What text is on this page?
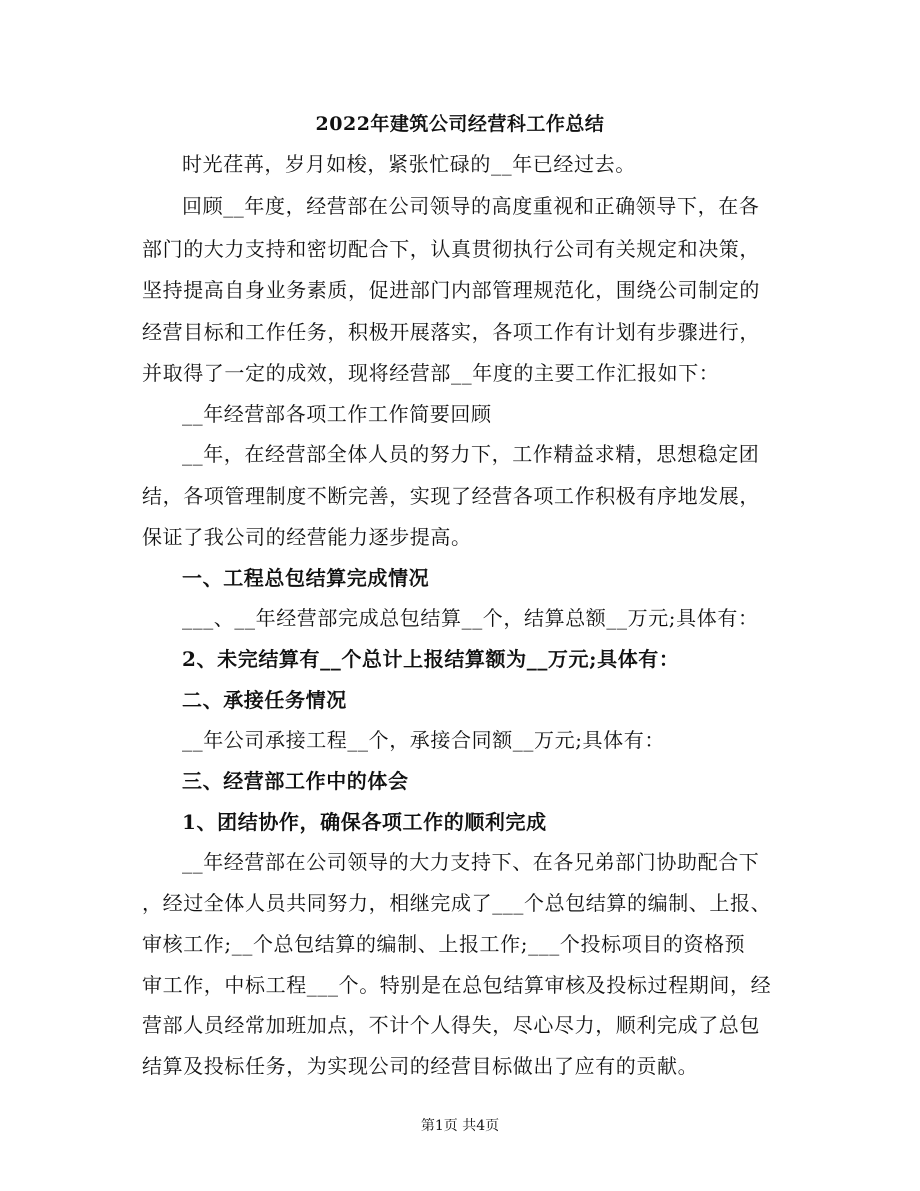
2022年建筑公司经营科工作总结
时光荏苒，岁月如梭，紧张忙碌的__年已经过去。
回顾__年度，经营部在公司领导的高度重视和正确领导下，在各
部门的大力支持和密切配合下，认真贯彻执行公司有关规定和决策，
坚持提高自身业务素质，促进部门内部管理规范化，围绕公司制定的
经营目标和工作任务，积极开展落实，各项工作有计划有步骤进行，
并取得了一定的成效，现将经营部__年度的主要工作汇报如下：
__年经营部各项工作工作简要回顾
__年，在经营部全体人员的努力下，工作精益求精，思想稳定团
结，各项管理制度不断完善，实现了经营各项工作积极有序地发展，
保证了我公司的经营能力逐步提高。
一、工程总包结算完成情况
___、__年经营部完成总包结算__个，结算总额__万元;具体有：
2、未完结算有__个总计上报结算额为__万元;具体有：
二、承接任务情况
__年公司承接工程__个，承接合同额__万元;具体有：
三、经营部工作中的体会
1、团结协作，确保各项工作的顺利完成
__年经营部在公司领导的大力支持下、在各兄弟部门协助配合下
，经过全体人员共同努力，相继完成了___个总包结算的编制、上报、
审核工作;__个总包结算的编制、上报工作;___个投标项目的资格预
审工作，中标工程___个。特别是在总包结算审核及投标过程期间，经
营部人员经常加班加点，不计个人得失，尽心尽力，顺利完成了总包
结算及投标任务，为实现公司的经营目标做出了应有的贡献。
第1页 共4页
